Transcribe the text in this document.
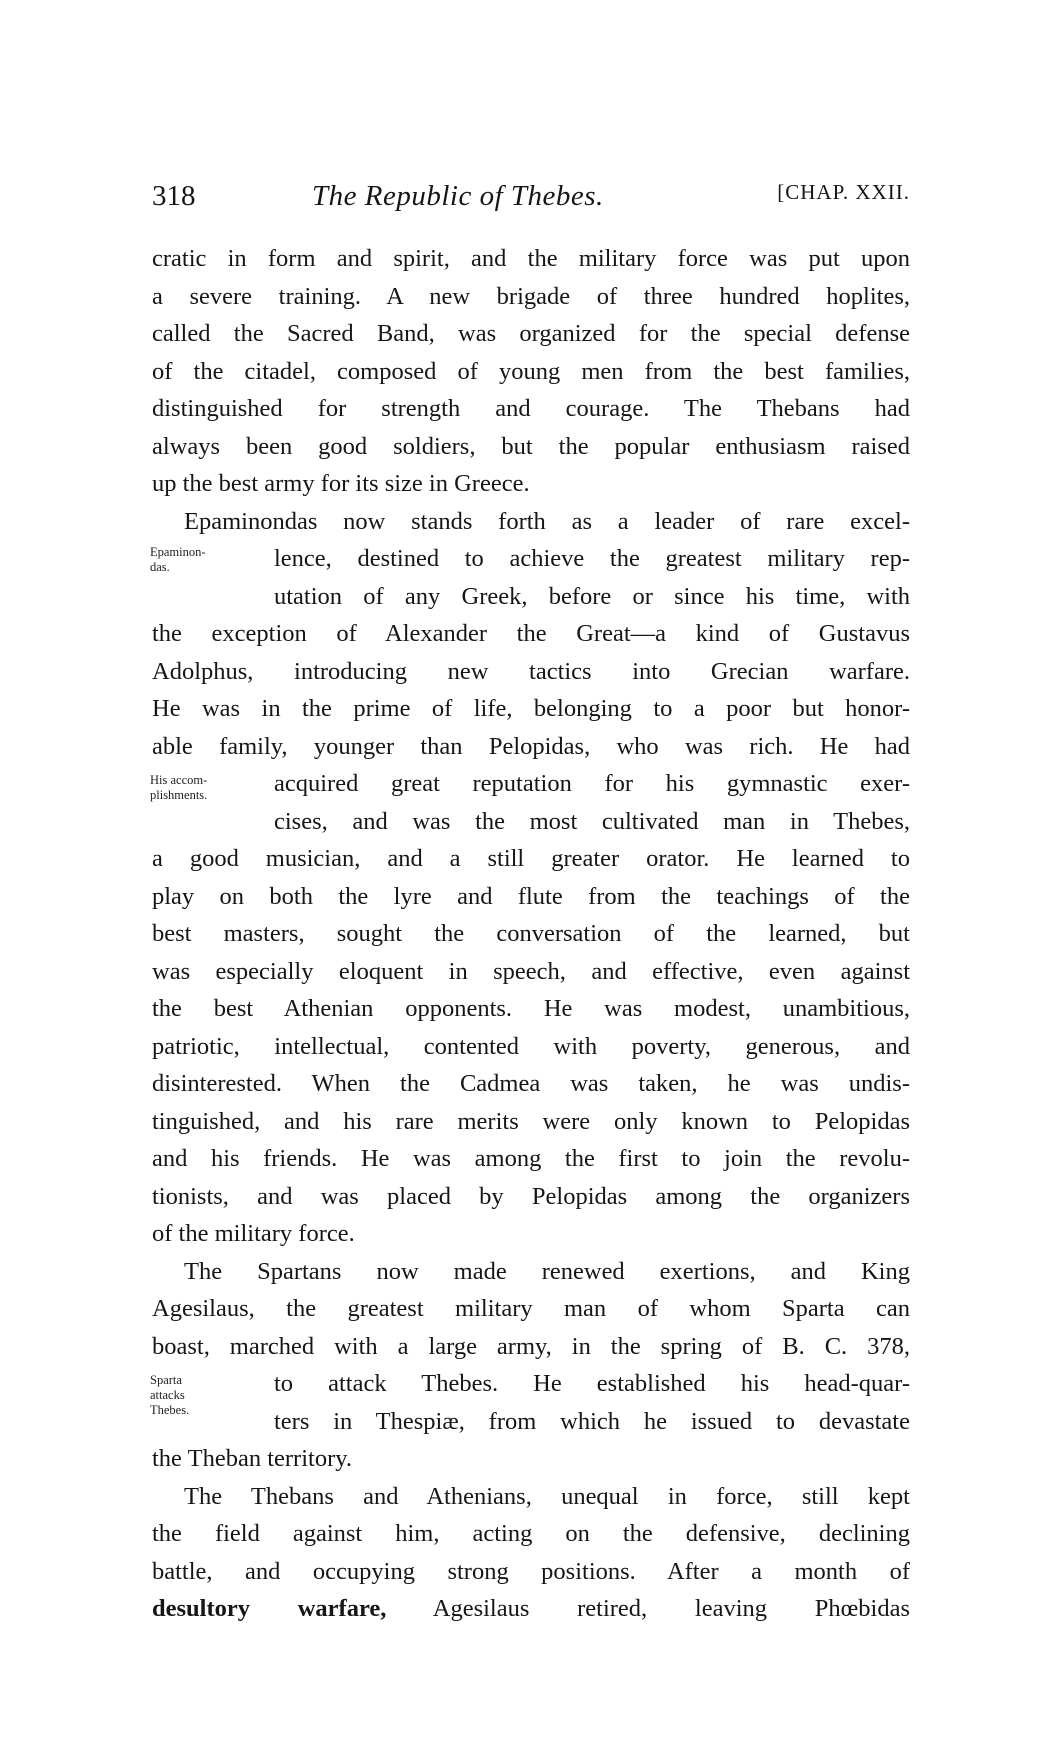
318	The Republic of Thebes.	[CHAP. XXII.
cratic in form and spirit, and the military force was put upon
a severe training. A new brigade of three hundred hoplites,
called the Sacred Band, was organized for the special defense
of the citadel, composed of young men from the best families,
distinguished for strength and courage. The Thebans had
always been good soldiers, but the popular enthusiasm raised
up the best army for its size in Greece.
Epaminondas now stands forth as a leader of rare excel-
lence, destined to achieve the greatest military rep-
utation of any Greek, before or since his time, with
the exception of Alexander the Great—a kind of Gustavus
Adolphus, introducing new tactics into Grecian warfare.
He was in the prime of life, belonging to a poor but honor-
able family, younger than Pelopidas, who was rich. He had
acquired great reputation for his gymnastic exer-
cises, and was the most cultivated man in Thebes,
a good musician, and a still greater orator. He learned to
play on both the lyre and flute from the teachings of the
best masters, sought the conversation of the learned, but
was especially eloquent in speech, and effective, even against
the best Athenian opponents. He was modest, unambitious,
patriotic, intellectual, contented with poverty, generous, and
disinterested. When the Cadmea was taken, he was undis-
tinguished, and his rare merits were only known to Pelopidas
and his friends. He was among the first to join the revolu-
tionists, and was placed by Pelopidas among the organizers
of the military force.
The Spartans now made renewed exertions, and King
Agesilaus, the greatest military man of whom Sparta can
boast, marched with a large army, in the spring of B. C. 378,
to attack Thebes. He established his head-quar-
ters in Thespiæ, from which he issued to devastate
the Theban territory.
The Thebans and Athenians, unequal in force, still kept
the field against him, acting on the defensive, declining
battle, and occupying strong positions. After a month of
desultory warfare, Agesilaus retired, leaving Phœbidas
Epaminon-
das.
His accom-
plishments.
Sparta
attacks
Thebes.
